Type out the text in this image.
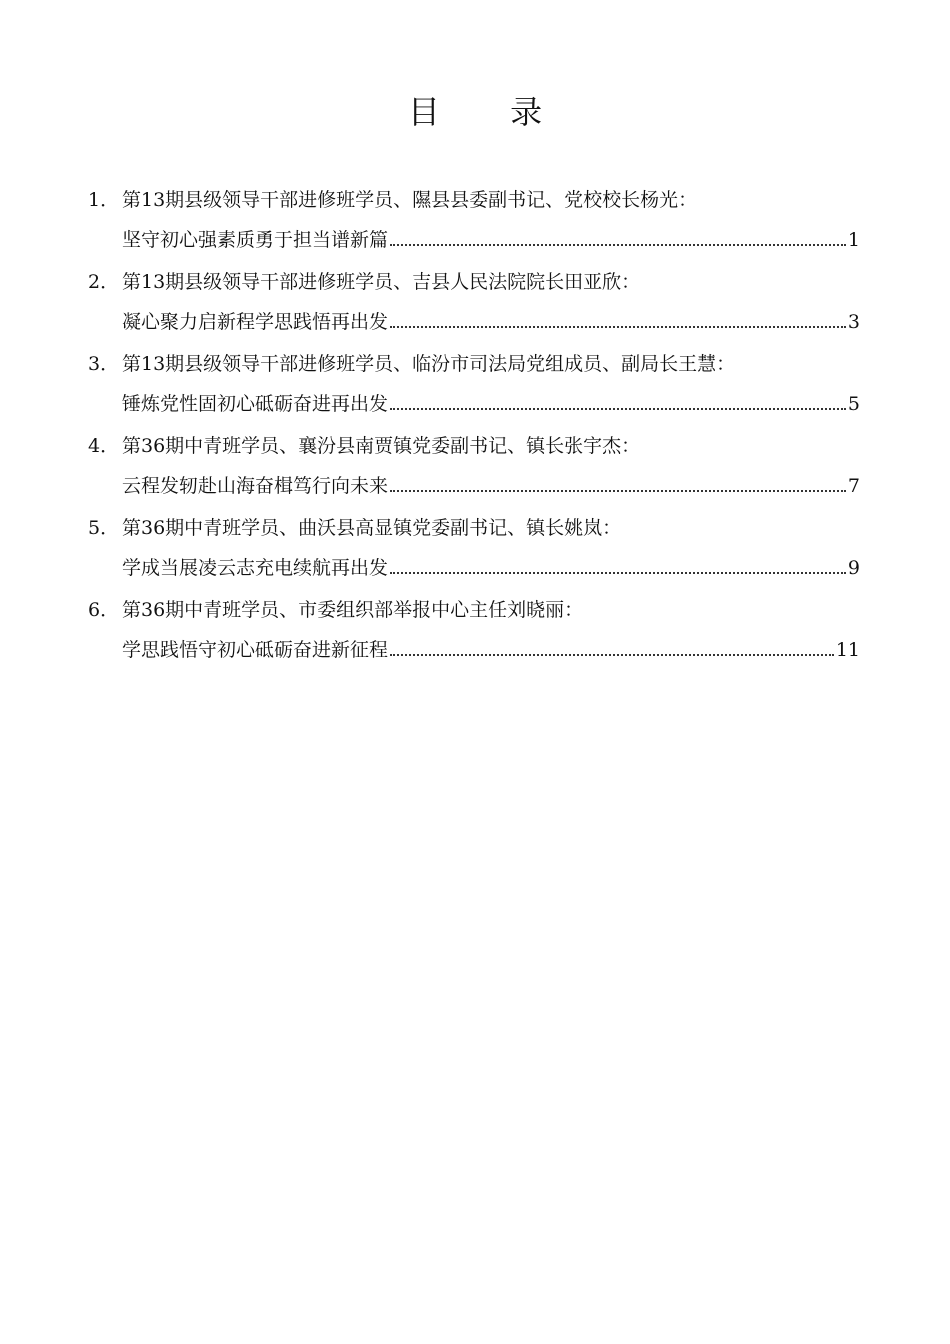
目 录
1． 第13期县级领导干部进修班学员、隰县县委副书记、党校校长杨光：
坚守初心强素质勇于担当谱新篇	1
2． 第13期县级领导干部进修班学员、吉县人民法院院长田亚欣：
凝心聚力启新程学思践悟再出发	3
3． 第13期县级领导干部进修班学员、临汾市司法局党组成员、副局长王慧：
锤炼党性固初心砥砺奋进再出发	5
4． 第36期中青班学员、襄汾县南贾镇党委副书记、镇长张宇杰：
云程发轫赴山海奋楫笃行向未来	7
5． 第36期中青班学员、曲沃县高显镇党委副书记、镇长姚岚：
学成当展凌云志充电续航再出发	9
6． 第36期中青班学员、市委组织部举报中心主任刘晓丽：
学思践悟守初心砥砺奋进新征程	11
